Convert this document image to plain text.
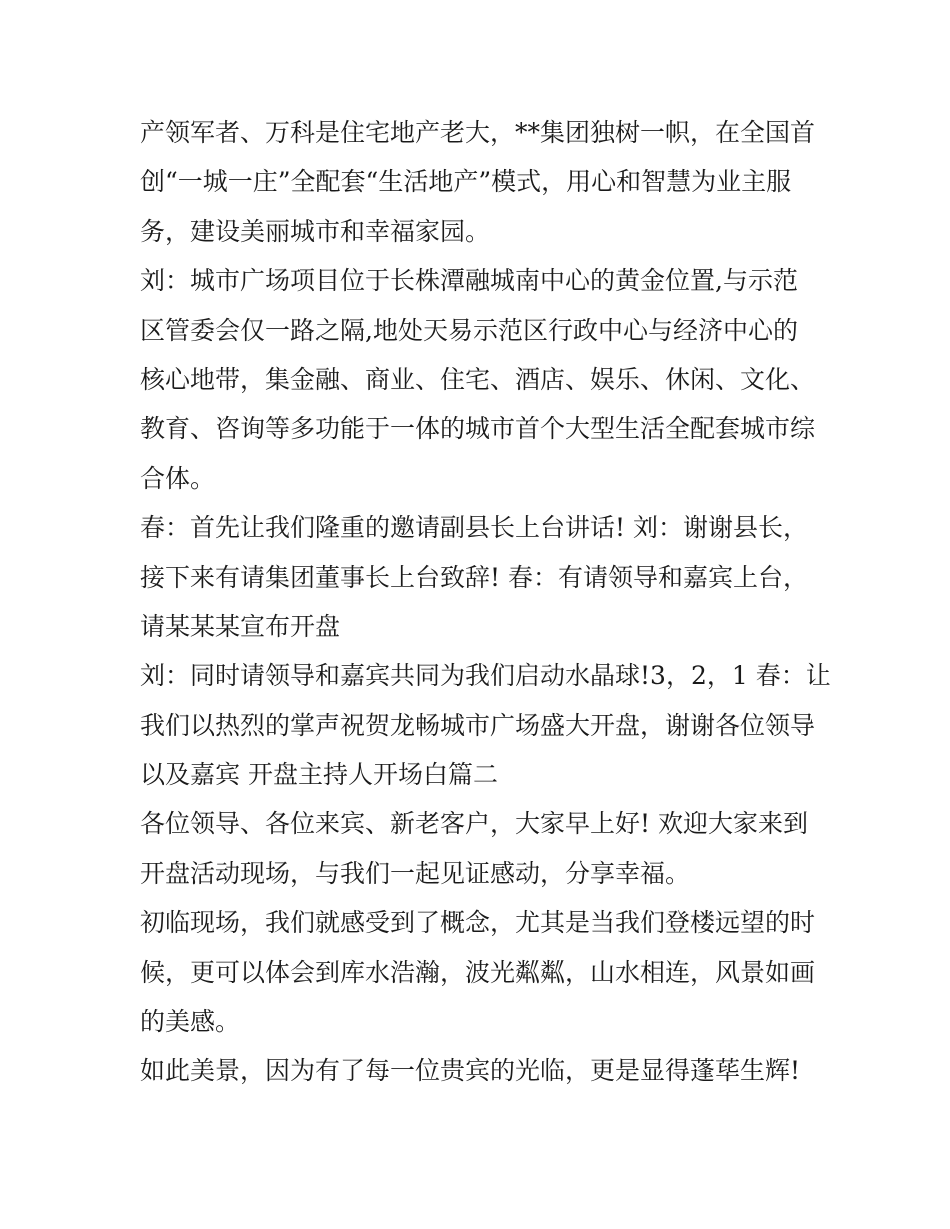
产领军者、万科是住宅地产老大，**集团独树一帜，在全国首
创“一城一庄”全配套“生活地产”模式，用心和智慧为业主服
务，建设美丽城市和幸福家园。
刘：城市广场项目位于长株潭融城南中心的黄金位置,与示范
区管委会仅一路之隔,地处天易示范区行政中心与经济中心的
核心地带，集金融、商业、住宅、酒店、娱乐、休闲、文化、
教育、咨询等多功能于一体的城市首个大型生活全配套城市综
合体。
春：首先让我们隆重的邀请副县长上台讲话! 刘：谢谢县长，
接下来有请集团董事长上台致辞! 春：有请领导和嘉宾上台，
请某某某宣布开盘
刘：同时请领导和嘉宾共同为我们启动水晶球!3，2，1 春：让
我们以热烈的掌声祝贺龙畅城市广场盛大开盘，谢谢各位领导
以及嘉宾 开盘主持人开场白篇二
各位领导、各位来宾、新老客户，大家早上好! 欢迎大家来到
开盘活动现场，与我们一起见证感动，分享幸福。
初临现场，我们就感受到了概念，尤其是当我们登楼远望的时
候，更可以体会到库水浩瀚，波光粼粼，山水相连，风景如画
的美感。
如此美景，因为有了每一位贵宾的光临，更是显得蓬荜生辉!
